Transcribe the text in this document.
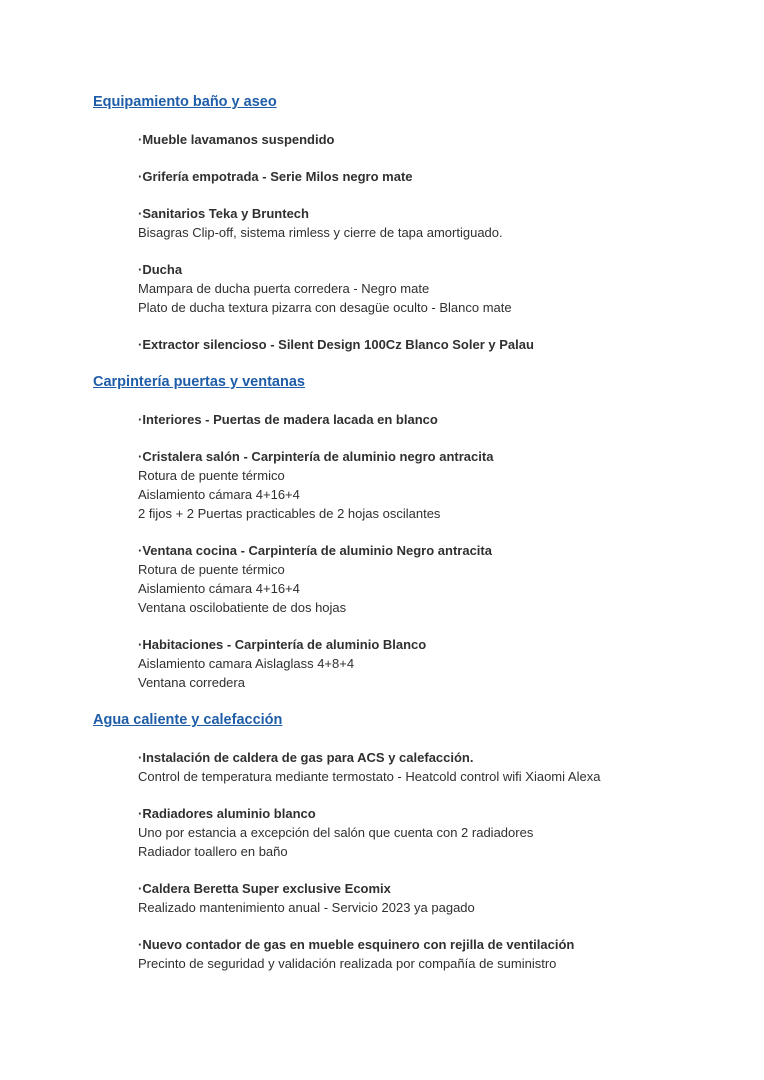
Equipamiento baño y aseo

·Mueble lavamanos suspendido

·Grifería empotrada - Serie Milos negro mate

·Sanitarios Teka y Bruntech

Bisagras Clip-off, sistema rimless y cierre de tapa amortiguado.

·Ducha

Mampara de ducha puerta corredera - Negro mate

Plato de ducha textura pizarra con desagüe oculto - Blanco mate

·Extractor silencioso - Silent Design 100Cz Blanco Soler y Palau

Carpintería puertas y ventanas

·Interiores - Puertas de madera lacada en blanco

·Cristalera salón - Carpintería de aluminio negro antracita

Rotura de puente térmico

Aislamiento cámara 4+16+4

2 fijos + 2 Puertas practicables de 2 hojas oscilantes

·Ventana cocina - Carpintería de aluminio Negro antracita

Rotura de puente térmico

Aislamiento cámara 4+16+4

Ventana oscilobatiente de dos hojas

·Habitaciones - Carpintería de aluminio Blanco

Aislamiento camara Aislaglass 4+8+4

Ventana corredera

Agua caliente y calefacción

·Instalación de caldera de gas para ACS y calefacción.

Control de temperatura mediante termostato - Heatcold control wifi Xiaomi Alexa

·Radiadores aluminio blanco

Uno por estancia a excepción del salón que cuenta con 2 radiadores

Radiador toallero en baño

·Caldera Beretta Super exclusive Ecomix

Realizado mantenimiento anual - Servicio 2023 ya pagado

·Nuevo contador de gas en mueble esquinero con rejilla de ventilación

Precinto de seguridad y validación realizada por compañía de suministro
